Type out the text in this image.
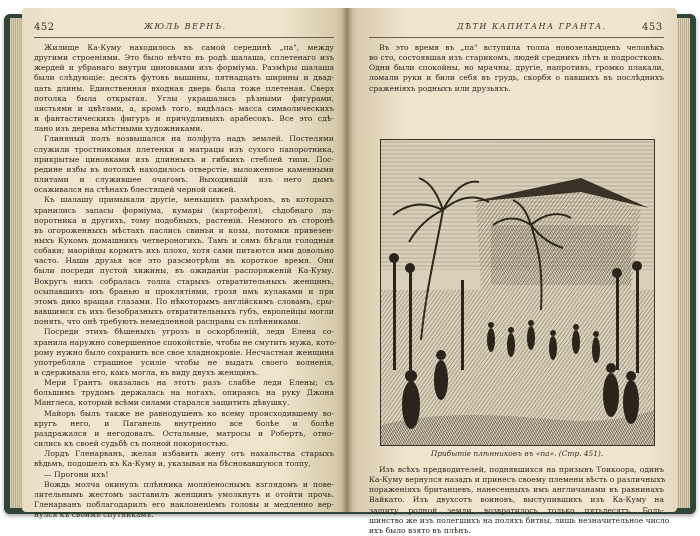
452	ЖЮЛЬ ВЕРНЪ.
Жилище Ка-Куму находилось въ самой серединѣ „па", между
другими строеніями. Это было нѣчто въ родѣ шалаша, сплетенаго изъ
жердей и убранаго внутри циновками изъ формiума. Размѣры шалаша
были слѣдующіе: десять футовъ вышины, пятнадцать ширины и двад-
цать длины. Единственная входная дверь была тоже плетеная. Сверх
потолка была открытая. Углы украшались рѣзными фигурами,
листьями и цвѣтами, а, кромѣ того, видѣлась масса символическихъ
и фантастическихъ фигуръ и причудливыхъ арабесокъ. Все это сдѣ-
лано изъ дерева мѣстными художниками.
Глиняный полъ возвышался на полфута надъ землей. Постелями
служили тростниковыя плетенки и матрацы изъ сухого папоротника,
прикрытые циновками изъ длинныхъ и гибкихъ стеблей типи. Пос-
редине избы въ потолкѣ находилось отверстіе, выложенное каменными
плитами и служившее очагомъ. Выходившій изъ него дымъ
осаживался на стѣнахъ блестящей черной сажей.
Къ шалашу примыкали другіе, меньшихъ размѣровъ, въ которыхъ
хранились запасы формiума, кумары (картофеля), сѣдобнаго па-
поротника и другихъ, тому подобныхъ, растеній. Немного въ сторонѣ
въ огороженныхъ мѣстахъ паслись свиньи и козы, потомки привезен-
ныхъ Кукомъ домашнихъ четвероногихъ. Тамъ и сямъ бѣгали голодныя
собаки; маорійцы кормятъ ихъ плохо, хотя сами питаются ими довольно
часто. Наши друзья все это разсмотрѣли въ короткое время. Они
были посреди пустой хижины, въ ожиданіи распоряженій Ка-Куму.
Вокругъ нихъ собралась толпа старыхъ отвратительныхъ женщинъ,
осыпавшихъ ихъ бранью и проклятіями, грозя имъ кулаками и при
этомъ дико вращая глазами. По нѣкоторымъ англійскимъ словамъ, сры-
вавшимся съ ихъ безобразныхъ отвратительныхъ губъ, европейцы могли
понять, что онѣ требуютъ немедленной расправы съ плѣнниками.
Посреди этихъ бѣшеныхъ угрозъ и оскорбленій, леди Елена со-
хранила наружно совершенное спокойствіе, чтобы не смутить мужа, кото-
рому нужно было сохранить все свое хладнокровіе. Несчастная женщина
употребляла страшное усиліе чтобы не выдать своего волненія,
и сдерживала его, какъ могла, въ виду двухъ женщинъ.
Мери Грантъ оказалась на этотъ разъ слабѣе леди Елены; съ
большимъ трудомъ держалась на ногахъ, опираясь на руку Джона
Манглеса, который всѣми силами старался защитить дѣвушку.
Майоръ былъ также не равнодушенъ ко всему происходившему во-
кругъ него, и Паганель внутренно все болѣе и болѣе
раздражался и негодовалъ. Остальные, матросы и Робертъ, отно-
сились къ своей судьбѣ съ полной покорностью.
Лордъ Гленарванъ, желая избавить жену отъ нахальства старыхъ
вѣдьмъ, подошелъ къ Ка-Куму и, указывая на бѣсновавшуюся толпу,
— Прогони ихъ!
Вождь молча окинулъ плѣнника молніеноснымъ взглядомъ и пове-
лительнымъ жестомъ заставилъ женщинъ умолкнуть и отойти прочь.
Гленарванъ поблагодарилъ его наклоненіемъ головы и медленно вер-
нулся къ своимъ спутникамъ.
ДѢТИ КАПИТАНА ГРАНТА.	453
Въ это время въ „па" вступила толпа новозеландцевъ человѣкъ
во сто, состоявшая изъ старикомъ, людей среднихъ лѣтъ и подростковъ.
Одни были спокойны, но мрачны, другіе, напротивъ, громко плакали,
ломали руки и били себя въ грудь, скорбя о павшихъ въ послѣднихъ
сраженіяхъ родныхъ или друзьяхъ.
Прибытіе плѣнниковъ въ «па». (Стр. 451).
Изъ всѣхъ предводителей, поднявшихся на призывъ Тоикоора, одинъ
Ка-Куму вернулся назадъ и принесъ своему племени вѣсть о различныхъ
пораженіяхъ британцевъ, нанесенныхъ имъ англичанами въ равнинахъ
Вайкато. Изъ двухсотъ воиновъ, выступившихъ изъ Ка-Куму на
защиту родной земли, возвратилось только пятьдесятъ. Боль-
шинство же изъ полегшихъ на поляхъ битвы, лишь незначительное число
ихъ было взято въ плѣнъ.
